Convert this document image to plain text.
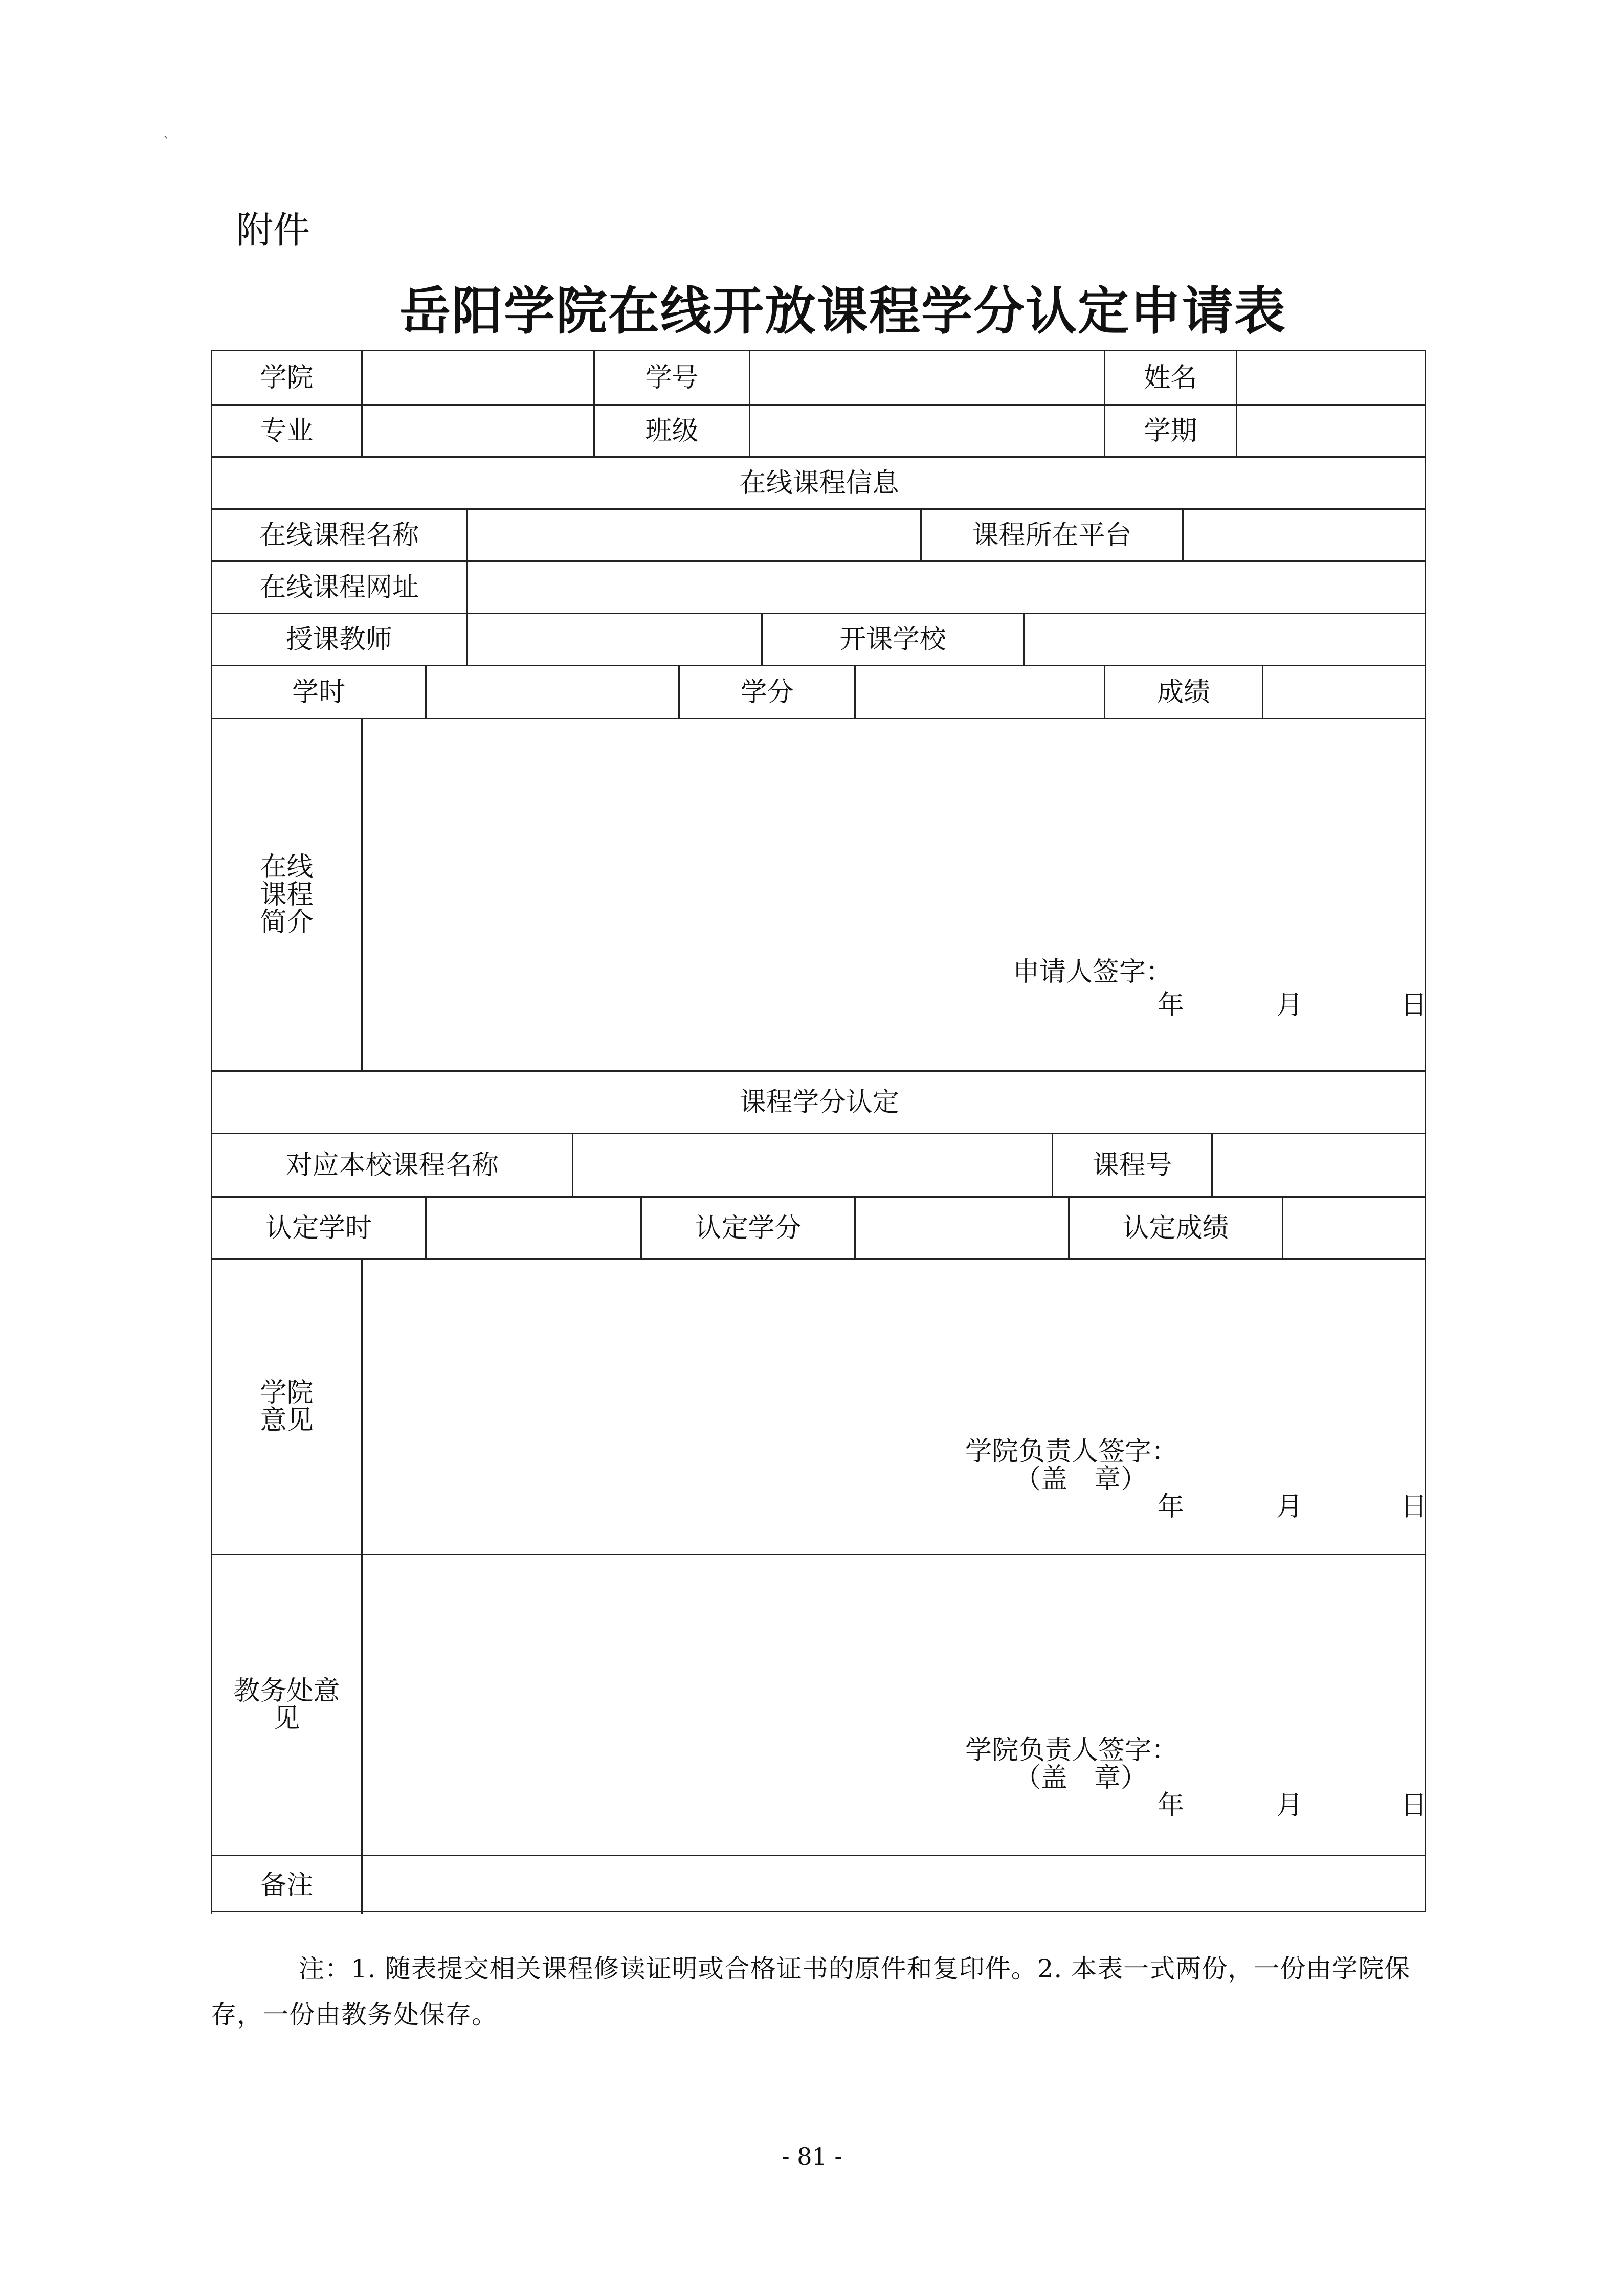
`
附件
岳阳学院在线开放课程学分认定申请表
学院	学号	姓名
专业	班级	学期
在线课程信息
在线课程名称	课程所在平台
在线课程网址
授课教师	开课学校
学时	学分	成绩
在线
课程
简介
申请人签字：
年	月	日
课程学分认定
对应本校课程名称	课程号
认定学时	认定学分	认定成绩
学院
意见
学院负责人签字：
（盖　章）
年	月	日
教务处意
见
学院负责人签字：
（盖　章）
年	月	日
备注
注：1. 随表提交相关课程修读证明或合格证书的原件和复印件。2. 本表一式两份，一份由学院保存，一份由教务处保存。
- 81 -
